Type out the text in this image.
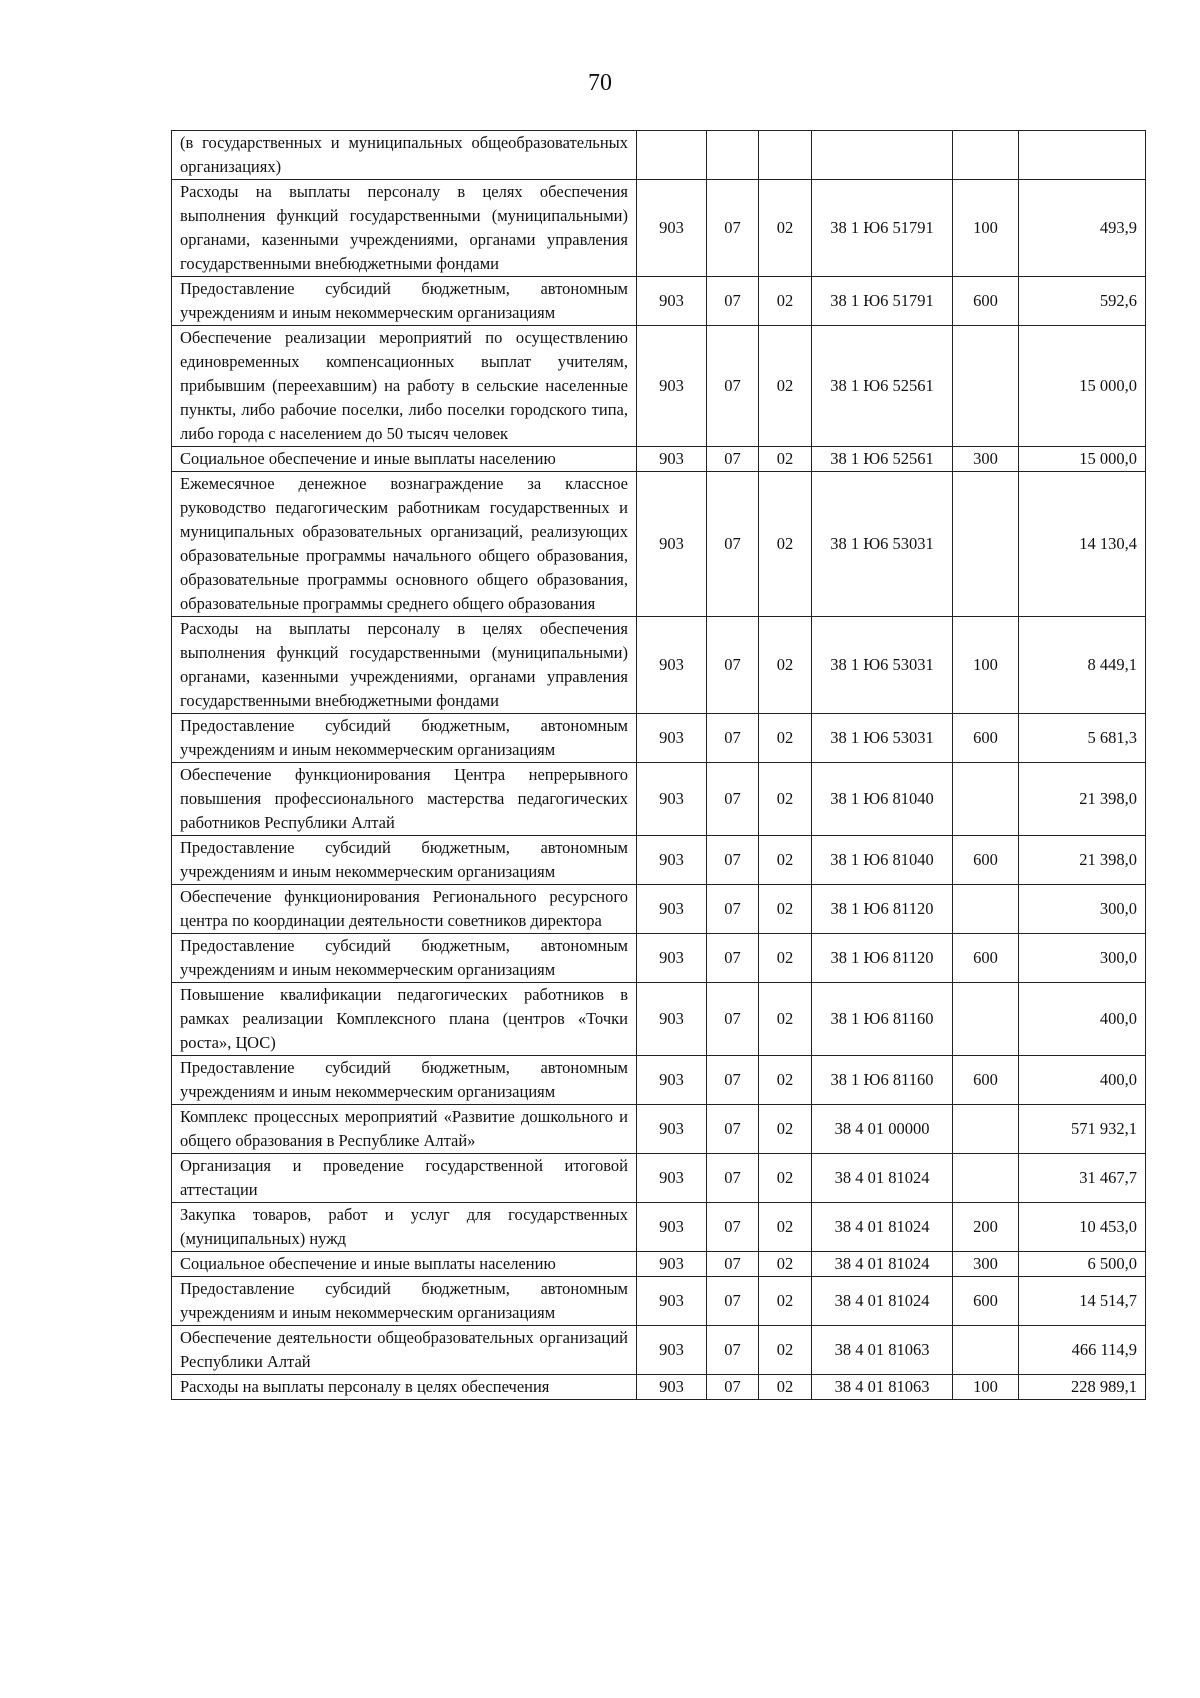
70
(в государственных и муниципальных общеобразовательных организациях)						
Расходы на выплаты персоналу в целях обеспечения выполнения функций государственными (муниципальными) органами, казенными учреждениями, органами управления государственными внебюджетными фондами	903	07	02	38 1 Ю6 51791	100	493,9
Предоставление субсидий бюджетным, автономным учреждениям и иным некоммерческим организациям	903	07	02	38 1 Ю6 51791	600	592,6
Обеспечение реализации мероприятий по осуществлению единовременных компенсационных выплат учителям, прибывшим (переехавшим) на работу в сельские населенные пункты, либо рабочие поселки, либо поселки городского типа, либо города с населением до 50 тысяч человек	903	07	02	38 1 Ю6 52561		15 000,0
Социальное обеспечение и иные выплаты населению	903	07	02	38 1 Ю6 52561	300	15 000,0
Ежемесячное денежное вознаграждение за классное руководство педагогическим работникам государственных и муниципальных образовательных организаций, реализующих образовательные программы начального общего образования, образовательные программы основного общего образования, образовательные программы среднего общего образования	903	07	02	38 1 Ю6 53031		14 130,4
Расходы на выплаты персоналу в целях обеспечения выполнения функций государственными (муниципальными) органами, казенными учреждениями, органами управления государственными внебюджетными фондами	903	07	02	38 1 Ю6 53031	100	8 449,1
Предоставление субсидий бюджетным, автономным учреждениям и иным некоммерческим организациям	903	07	02	38 1 Ю6 53031	600	5 681,3
Обеспечение функционирования Центра непрерывного повышения профессионального мастерства педагогических работников Республики Алтай	903	07	02	38 1 Ю6 81040		21 398,0
Предоставление субсидий бюджетным, автономным учреждениям и иным некоммерческим организациям	903	07	02	38 1 Ю6 81040	600	21 398,0
Обеспечение функционирования Регионального ресурсного центра по координации деятельности советников директора	903	07	02	38 1 Ю6 81120		300,0
Предоставление субсидий бюджетным, автономным учреждениям и иным некоммерческим организациям	903	07	02	38 1 Ю6 81120	600	300,0
Повышение квалификации педагогических работников в рамках реализации Комплексного плана (центров «Точки роста», ЦОС)	903	07	02	38 1 Ю6 81160		400,0
Предоставление субсидий бюджетным, автономным учреждениям и иным некоммерческим организациям	903	07	02	38 1 Ю6 81160	600	400,0
Комплекс процессных мероприятий «Развитие дошкольного и общего образования в Республике Алтай»	903	07	02	38 4 01 00000		571 932,1
Организация и проведение государственной итоговой аттестации	903	07	02	38 4 01 81024		31 467,7
Закупка товаров, работ и услуг для государственных (муниципальных) нужд	903	07	02	38 4 01 81024	200	10 453,0
Социальное обеспечение и иные выплаты населению	903	07	02	38 4 01 81024	300	6 500,0
Предоставление субсидий бюджетным, автономным учреждениям и иным некоммерческим организациям	903	07	02	38 4 01 81024	600	14 514,7
Обеспечение деятельности общеобразовательных организаций Республики Алтай	903	07	02	38 4 01 81063		466 114,9
Расходы на выплаты персоналу в целях обеспечения	903	07	02	38 4 01 81063	100	228 989,1
